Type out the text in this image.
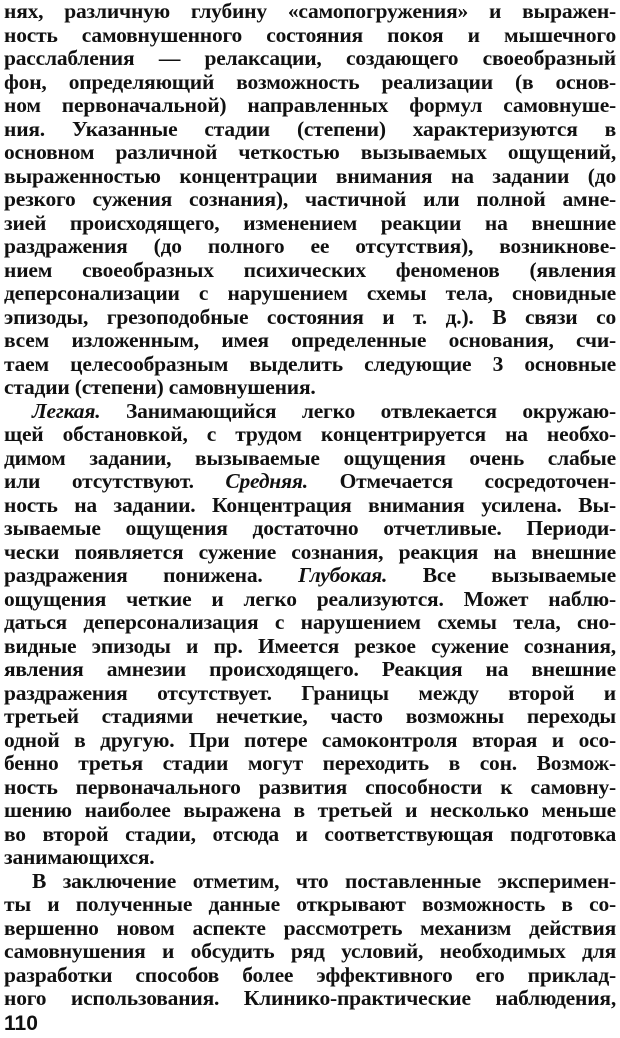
нях, различную глубину «самопогружения» и выражен-
ность самовнушенного состояния покоя и мышечного
расслабления — релаксации, создающего своеобразный
фон, определяющий возможность реализации (в основ-
ном первоначальной) направленных формул самовнуше-
ния. Указанные стадии (степени) характеризуются в
основном различной четкостью вызываемых ощущений,
выраженностью концентрации внимания на задании (до
резкого сужения сознания), частичной или полной амне-
зией происходящего, изменением реакции на внешние
раздражения (до полного ее отсутствия), возникнове-
нием своеобразных психических феноменов (явления
деперсонализации с нарушением схемы тела, сновидные
эпизоды, грезоподобные состояния и т. д.). В связи со
всем изложенным, имея определенные основания, счи-
таем целесообразным выделить следующие 3 основные
стадии (степени) самовнушения.
Легкая. Занимающийся легко отвлекается окружаю-
щей обстановкой, с трудом концентрируется на необхо-
димом задании, вызываемые ощущения очень слабые
или отсутствуют. Средняя. Отмечается сосредоточен-
ность на задании. Концентрация внимания усилена. Вы-
зываемые ощущения достаточно отчетливые. Периоди-
чески появляется сужение сознания, реакция на внешние
раздражения понижена. Глубокая. Все вызываемые
ощущения четкие и легко реализуются. Может наблю-
даться деперсонализация с нарушением схемы тела, сно-
видные эпизоды и пр. Имеется резкое сужение сознания,
явления амнезии происходящего. Реакция на внешние
раздражения отсутствует. Границы между второй и
третьей стадиями нечеткие, часто возможны переходы
одной в другую. При потере самоконтроля вторая и осо-
бенно третья стадии могут переходить в сон. Возмож-
ность первоначального развития способности к самовну-
шению наиболее выражена в третьей и несколько меньше
во второй стадии, отсюда и соответствующая подготовка
занимающихся.
В заключение отметим, что поставленные эксперимен-
ты и полученные данные открывают возможность в со-
вершенно новом аспекте рассмотреть механизм действия
самовнушения и обсудить ряд условий, необходимых для
разработки способов более эффективного его приклад-
ного использования. Клинико-практические наблюдения,
110
